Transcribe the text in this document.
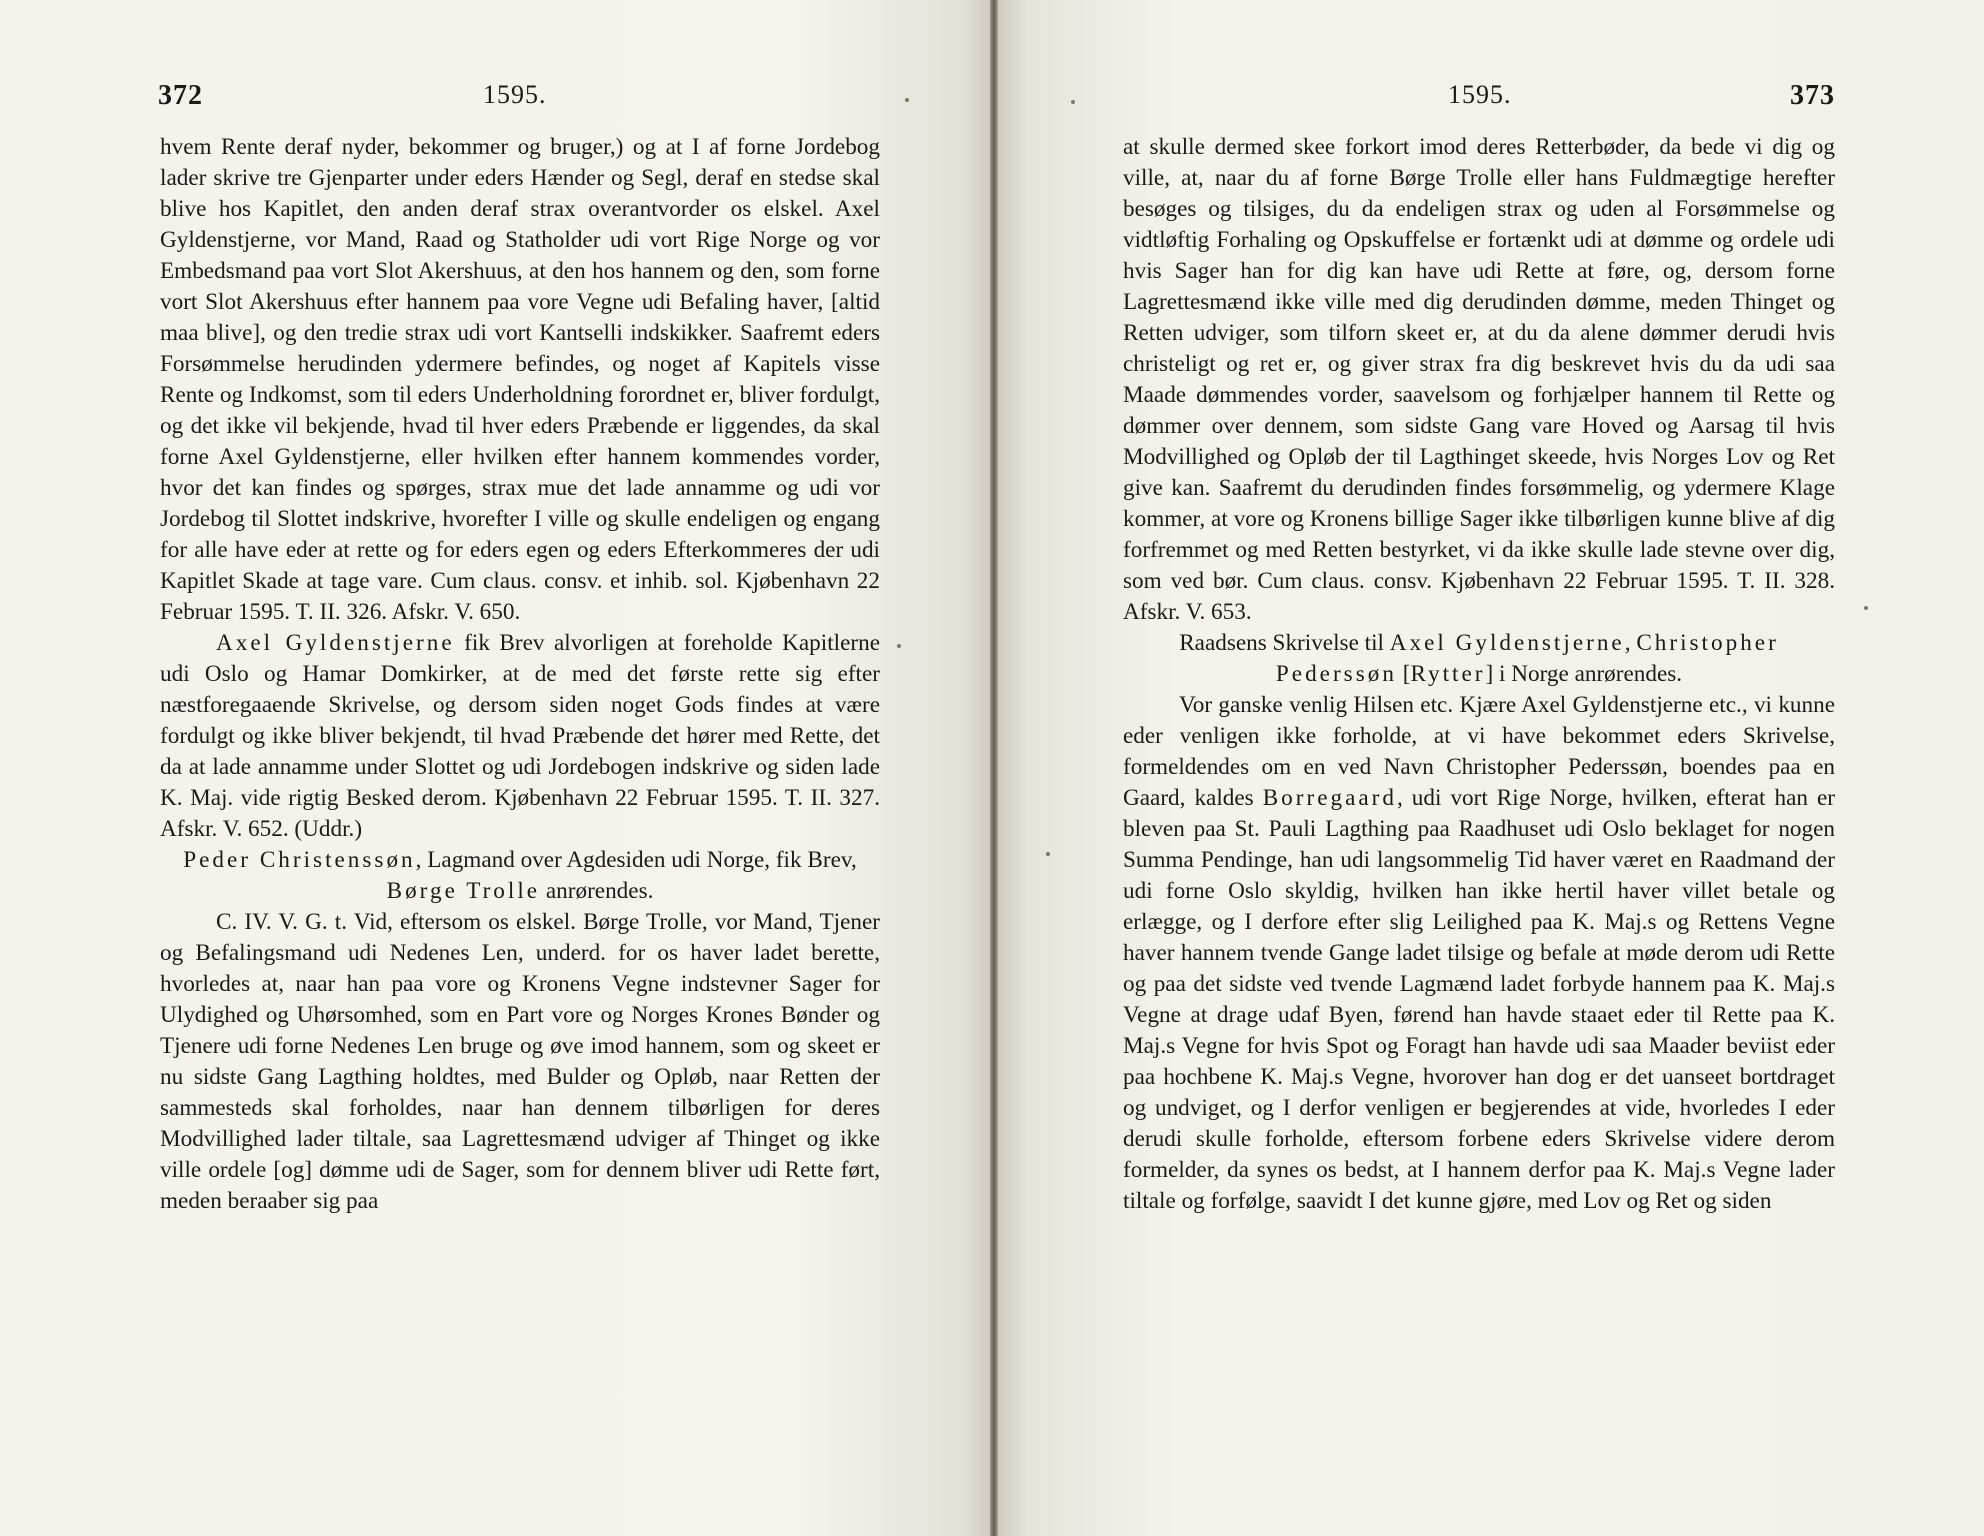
372	1595.

hvem Rente deraf nyder, bekommer og bruger,) og at I af forne Jordebog lader skrive tre Gjenparter under eders Hænder og Segl, deraf en stedse skal blive hos Kapitlet, den anden deraf strax overantvorder os elskel. Axel Gyldenstjerne, vor Mand, Raad og Statholder udi vort Rige Norge og vor Embedsmand paa vort Slot Akershuus, at den hos hannem og den, som forne vort Slot Akershuus efter hannem paa vore Vegne udi Befaling haver, [altid maa blive], og den tredie strax udi vort Kantselli indskikker. Saafremt eders Forsømmelse herudinden ydermere befindes, og noget af Kapitels visse Rente og Indkomst, som til eders Underholdning forordnet er, bliver fordulgt, og det ikke vil bekjende, hvad til hver eders Præbende er liggendes, da skal forne Axel Gyldenstjerne, eller hvilken efter hannem kommendes vorder, hvor det kan findes og spørges, strax mue det lade annamme og udi vor Jordebog til Slottet indskrive, hvorefter I ville og skulle endeligen og engang for alle have eder at rette og for eders egen og eders Efterkommeres der udi Kapitlet Skade at tage vare. Cum claus. consv. et inhib. sol. Kjøbenhavn 22 Februar 1595. T. II. 326. Afskr. V. 650.

Axel Gyldenstjerne fik Brev alvorligen at foreholde Kapitlerne udi Oslo og Hamar Domkirker, at de med det første rette sig efter næstforegaaende Skrivelse, og dersom siden noget Gods findes at være fordulgt og ikke bliver bekjendt, til hvad Præbende det hører med Rette, det da at lade annamme under Slottet og udi Jordebogen indskrive og siden lade K. Maj. vide rigtig Besked derom. Kjøbenhavn 22 Februar 1595. T. II. 327. Afskr. V. 652. (Uddr.)

Peder Christenssøn, Lagmand over Agdesiden udi Norge, fik Brev, Børge Trolle anrørendes.

C. IV. V. G. t. Vid, eftersom os elskel. Børge Trolle, vor Mand, Tjener og Befalingsmand udi Nedenes Len, underd. for os haver ladet berette, hvorledes at, naar han paa vore og Kronens Vegne indstevner Sager for Ulydighed og Uhørsomhed, som en Part vore og Norges Krones Bønder og Tjenere udi forne Nedenes Len bruge og øve imod hannem, som og skeet er nu sidste Gang Lagthing holdtes, med Bulder og Opløb, naar Retten der sammesteds skal forholdes, naar han dennem tilbørligen for deres Modvillighed lader tiltale, saa Lagrettesmænd udviger af Thinget og ikke ville ordele [og] dømme udi de Sager, som for dennem bliver udi Rette ført, meden beraaber sig paa

1595.	373

at skulle dermed skee forkort imod deres Retterbøder, da bede vi dig og ville, at, naar du af forne Børge Trolle eller hans Fuldmægtige herefter besøges og tilsiges, du da endeligen strax og uden al Forsømmelse og vidtløftig Forhaling og Opskuffelse er fortænkt udi at dømme og ordele udi hvis Sager han for dig kan have udi Rette at føre, og, dersom forne Lagrettesmænd ikke ville med dig derudinden dømme, meden Thinget og Retten udviger, som tilforn skeet er, at du da alene dømmer derudi hvis christeligt og ret er, og giver strax fra dig beskrevet hvis du da udi saa Maade dømmendes vorder, saavelsom og forhjælper hannem til Rette og dømmer over dennem, som sidste Gang vare Hoved og Aarsag til hvis Modvillighed og Opløb der til Lagthinget skeede, hvis Norges Lov og Ret give kan. Saafremt du derudinden findes forsømmelig, og ydermere Klage kommer, at vore og Kronens billige Sager ikke tilbørligen kunne blive af dig forfremmet og med Retten bestyrket, vi da ikke skulle lade stevne over dig, som ved bør. Cum claus. consv. Kjøbenhavn 22 Februar 1595. T. II. 328. Afskr. V. 653.

Raadsens Skrivelse til Axel Gyldenstjerne, Christopher Pederssøn [Rytter] i Norge anrørendes.

Vor ganske venlig Hilsen etc. Kjære Axel Gyldenstjerne etc., vi kunne eder venligen ikke forholde, at vi have bekommet eders Skrivelse, formeldendes om en ved Navn Christopher Pederssøn, boendes paa en Gaard, kaldes Borregaard, udi vort Rige Norge, hvilken, efterat han er bleven paa St. Pauli Lagthing paa Raadhuset udi Oslo beklaget for nogen Summa Pendinge, han udi langsommelig Tid haver været en Raadmand der udi forne Oslo skyldig, hvilken han ikke hertil haver villet betale og erlægge, og I derfore efter slig Leilighed paa K. Maj.s og Rettens Vegne haver hannem tvende Gange ladet tilsige og befale at møde derom udi Rette og paa det sidste ved tvende Lagmænd ladet forbyde hannem paa K. Maj.s Vegne at drage udaf Byen, førend han havde staaet eder til Rette paa K. Maj.s Vegne for hvis Spot og Foragt han havde udi saa Maader beviist eder paa hochbene K. Maj.s Vegne, hvorover han dog er det uanseet bortdraget og undviget, og I derfor venligen er begjerendes at vide, hvorledes I eder derudi skulle forholde, eftersom forbene eders Skrivelse videre derom formelder, da synes os bedst, at I hannem derfor paa K. Maj.s Vegne lader tiltale og forfølge, saavidt I det kunne gjøre, med Lov og Ret og siden
